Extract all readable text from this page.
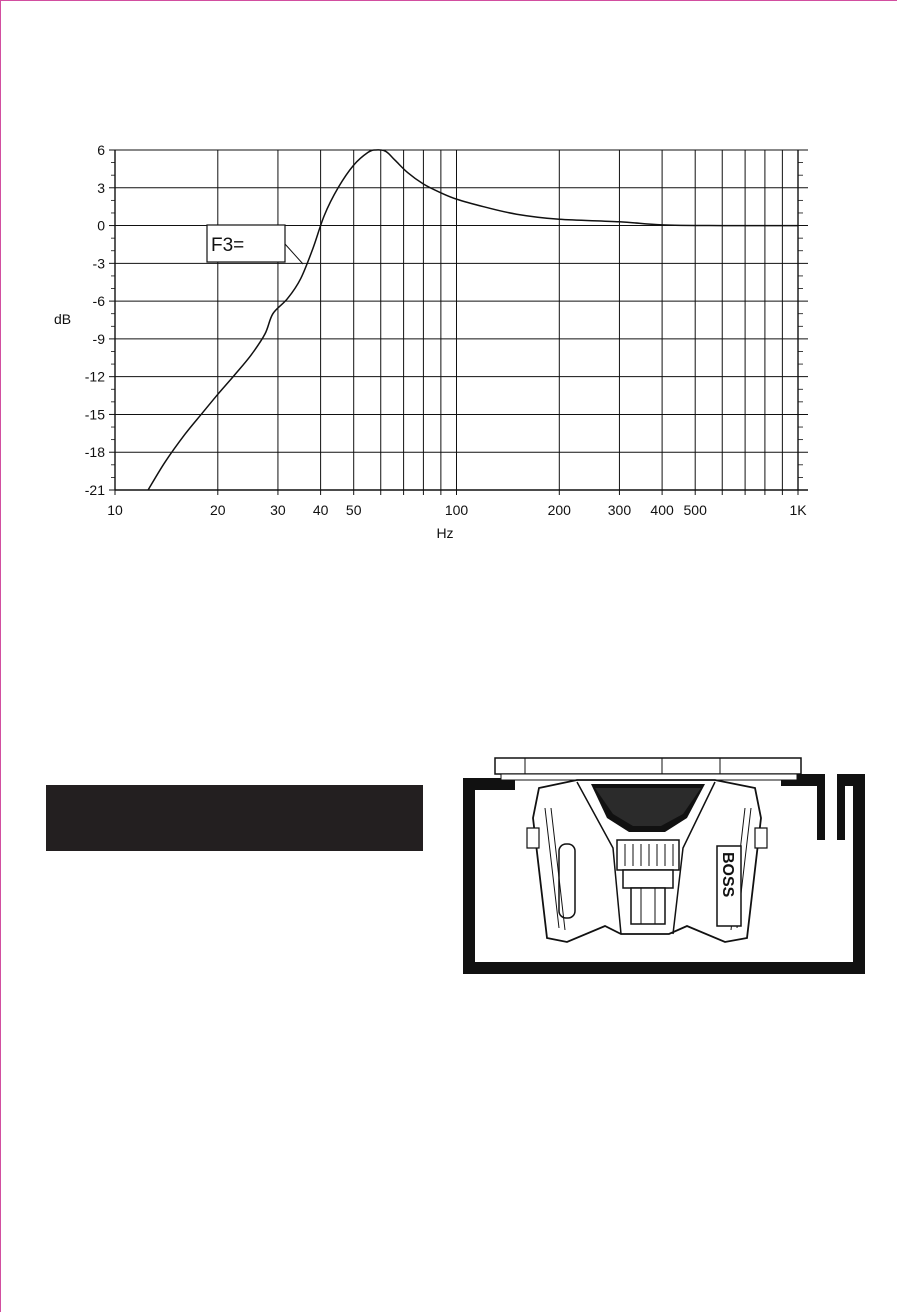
6
3
0
-3
-6
-9
-12
-15
-18
-21
10	20	30 40 50	100	200	300 400 500	1K
dB
Hz
F3=
BOSS
